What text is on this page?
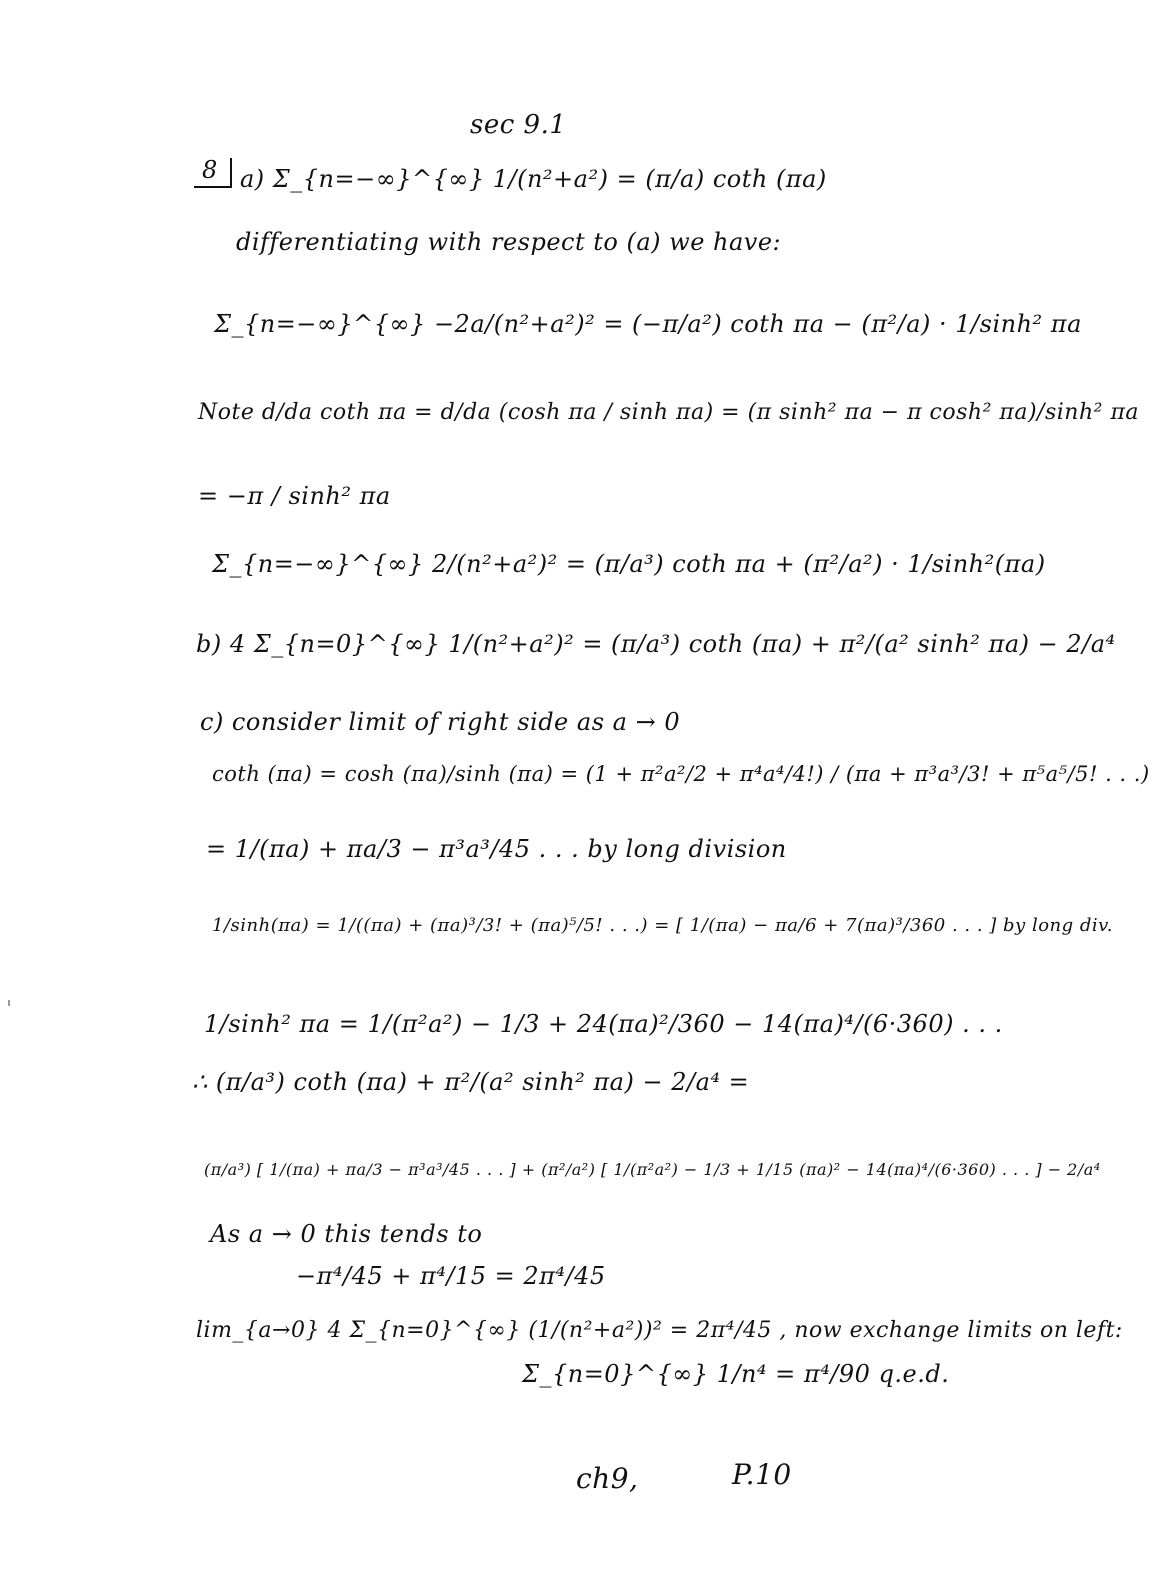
sec 9.1
8 a) Σ_{n=−∞}^{∞} 1/(n²+a²) = (π/a) coth (πa)
differentiating with respect to (a) we have:
Σ_{n=−∞}^{∞} −2a/(n²+a²)² = (−π/a²) coth πa − (π²/a) · 1/sinh² πa
Note d/da coth πa = d/da (cosh πa / sinh πa) = (π sinh² πa − π cosh² πa)/sinh² πa
= −π / sinh² πa
Σ_{n=−∞}^{∞} 2/(n²+a²)² = (π/a³) coth πa + (π²/a²) · 1/sinh²(πa)
b) 4 Σ_{n=0}^{∞} 1/(n²+a²)² = (π/a³) coth (πa) + π²/(a² sinh² πa) − 2/a⁴
c) consider limit of right side as a → 0
coth (πa) = cosh (πa)/sinh (πa) = (1 + π²a²/2 + π⁴a⁴/4!) / (πa + π³a³/3! + π⁵a⁵/5! . . .)
= 1/(πa) + πa/3 − π³a³/45 . . . by long division
1/sinh(πa) = 1/((πa) + (πa)³/3! + (πa)⁵/5! . . .) = [ 1/(πa) − πa/6 + 7(πa)³/360 . . . ] by long div.
1/sinh² πa = 1/(π²a²) − 1/3 + 24(πa)²/360 − 14(πa)⁴/(6·360) . . .
∴ (π/a³) coth (πa) + π²/(a² sinh² πa) − 2/a⁴ =
(π/a³) [ 1/(πa) + πa/3 − π³a³/45 . . . ] + (π²/a²) [ 1/(π²a²) − 1/3 + 1/15 (πa)² − 14(πa)⁴/(6·360) . . . ] − 2/a⁴
As a → 0 this tends to
−π⁴/45 + π⁴/15 = 2π⁴/45
lim_{a→0} 4 Σ_{n=0}^{∞} (1/(n²+a²))² = 2π⁴/45 , now exchange limits on left:
Σ_{n=0}^{∞} 1/n⁴ = π⁴/90 q.e.d.
ch9,	P.10
